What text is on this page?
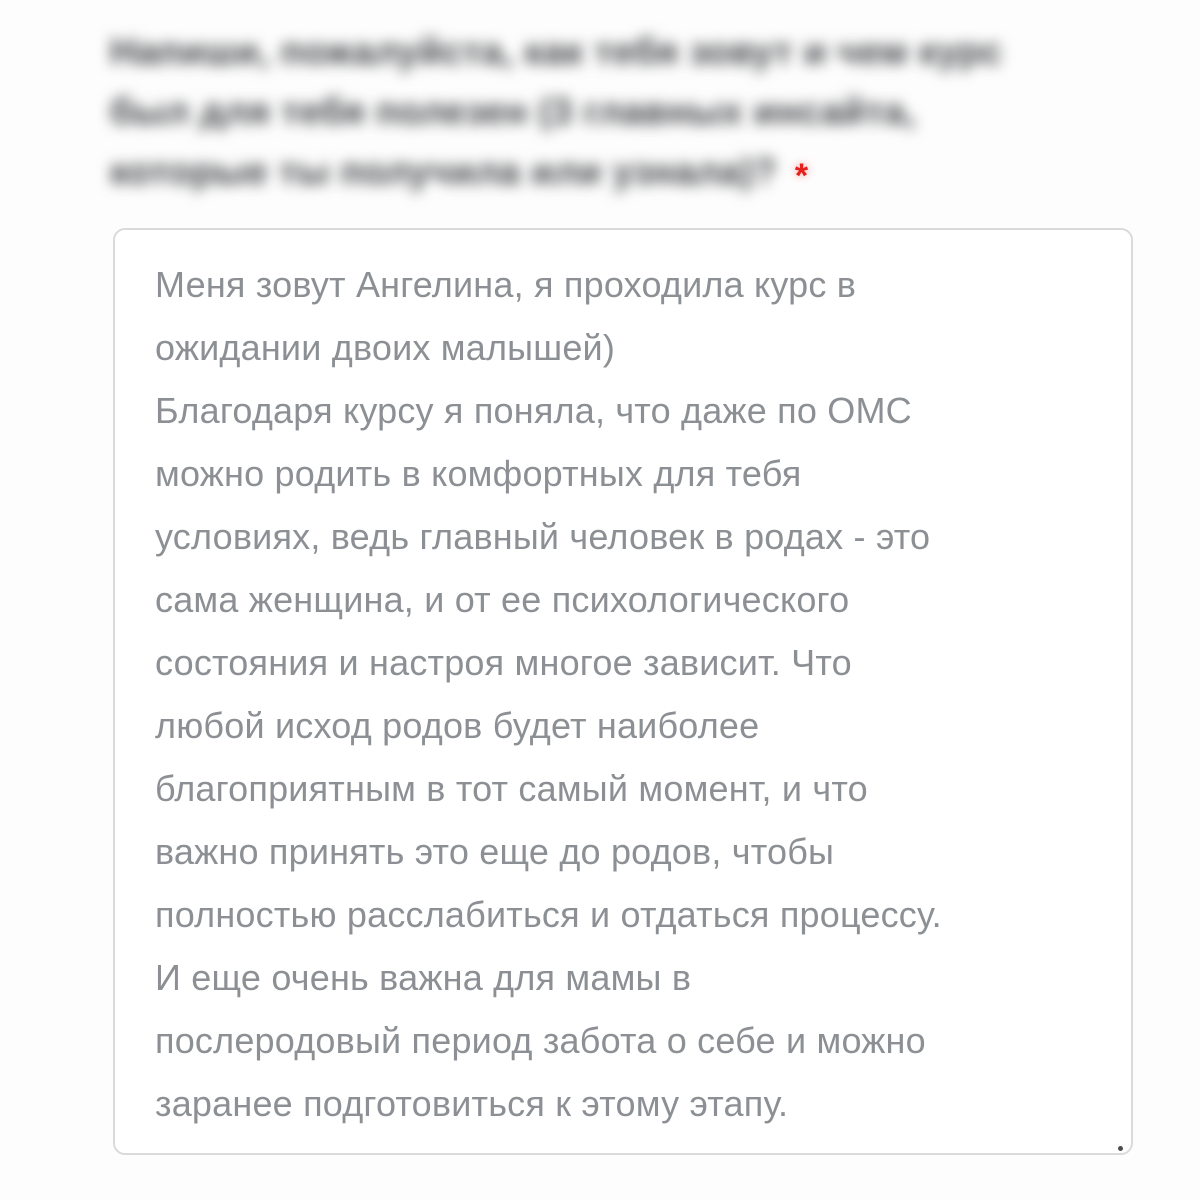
Напиши, пожалуйста, как тебя зовут и чем курс
был для тебя полезен (3 главных инсайта,
которые ты получила или узнала)? *
Меня зовут Ангелина, я проходила курс в
ожидании двоих малышей)
Благодаря курсу я поняла, что даже по ОМС
можно родить в комфортных для тебя
условиях, ведь главный человек в родах - это
сама женщина, и от ее психологического
состояния и настроя многое зависит. Что
любой исход родов будет наиболее
благоприятным в тот самый момент, и что
важно принять это еще до родов, чтобы
полностью расслабиться и отдаться процессу.
И еще очень важна для мамы в
послеродовый период забота о себе и можно
заранее подготовиться к этому этапу.
